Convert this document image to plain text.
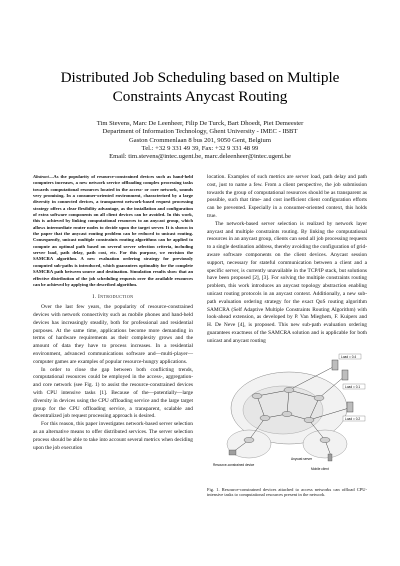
Distributed Job Scheduling based on Multiple Constraints Anycast Routing
Tim Stevens, Marc De Leenheer, Filip De Turck, Bart Dhoedt, Piet Demeester
Department of Information Technology, Ghent University - IMEC - IBBT
Gaston Crommenlaan 8 bus 201, 9050 Gent, Belgium
Tel.: +32 9 331 49 39, Fax: +32 9 331 48 99
Email: tim.stevens@intec.ugent.be, marc.deleenheer@intec.ugent.be

Abstract—As the popularity of resource-constrained devices such as hand-held computers increases, a new network service offloading complex processing tasks towards computational resources located in the access- or core network, sounds very promising. In a consumer-oriented environment, characterized by a large diversity in connected devices, a transparent network-based request processing strategy offers a clear flexibility advantage, as the installation and configuration of extra software components on all client devices can be avoided. In this work, this is achieved by linking computational resources to an anycast group, which allows intermediate router nodes to decide upon the target server. It is shown in the paper that the anycast routing problem can be reduced to unicast routing. Consequently, unicast multiple constraints routing algorithms can be applied to compute an optimal path based on several server selection criteria, including server load, path delay, path cost, etc. For this purpose, we envision the SAMCRA algorithm. A new evaluation ordering strategy for previously computed sub-paths is introduced, which guarantees optimality for the complete SAMCRA path between source and destination. Simulation results show that an effective distribution of the job scheduling requests over the available resources can be achieved by applying the described algorithm.

I. Introduction

Over the last few years, the popularity of resource-constrained devices with network connectivity such as mobile phones and hand-held devices has increasingly steadily, both for professional and residential purposes. At the same time, applications become more demanding in terms of hardware requirements as their complexity grows and the amount of data they have to process increases. In a residential environment, advanced communications software and—multi-player—computer games are examples of popular resource-hungry applications.

In order to close the gap between both conflicting trends, computational resources could be employed in the access-, aggregation- and core network (see Fig. 1) to assist the resource-constrained devices with CPU intensive tasks [1]. Because of the—potentially—large diversity in devices using the CPU offloading service and the large target group for the CPU offloading service, a transparent, scalable and decentralized job request processing approach is desired.

For this reason, this paper investigates network-based server selection as an alternative means to offer distributed services. The server selection process should be able to take into account several metrics when deciding upon the job execution

location. Examples of such metrics are server load, path delay and path cost, just to name a few. From a client perspective, the job submission towards the group of computational resources should be as transparent as possible, such that time- and cost inefficient client configuration efforts can be prevented. Especially in a consumer-oriented context, this holds true.

The network-based server selection is realized by network layer anycast and multiple constraints routing. By linking the computational resources in an anycast group, clients can send all job processing requests to a single destination address, thereby avoiding the configuration of grid-aware software components on the client devices. Anycast session support, necessary for stateful communication between a client and a specific server, is currently unavailable in the TCP/IP stack, but solutions have been proposed [2], [3]. For solving the multiple constraints routing problem, this work introduces an anycast topology abstraction enabling unicast routing protocols in an anycast context. Additionally, a new sub-path evaluation ordering strategy for the exact QoS routing algorithm SAMCRA (Self Adaptive Multiple Constraints Routing Algorithm) with look-ahead extension, as developed by P. Van Mieghem, F. Kuipers and H. De Neve [4], is proposed. This new sub-path evaluation ordering guarantees exactness of the SAMCRA solution and is applicable for both unicast and anycast routing

Load = 0.4
Load = 0.1
Load = 0.2
Resource-constrained device
Mobile client
Anycast server

Fig. 1. Resource-constrained devices attached to access networks can offload CPU-intensive tasks to computational resources present in the network.
